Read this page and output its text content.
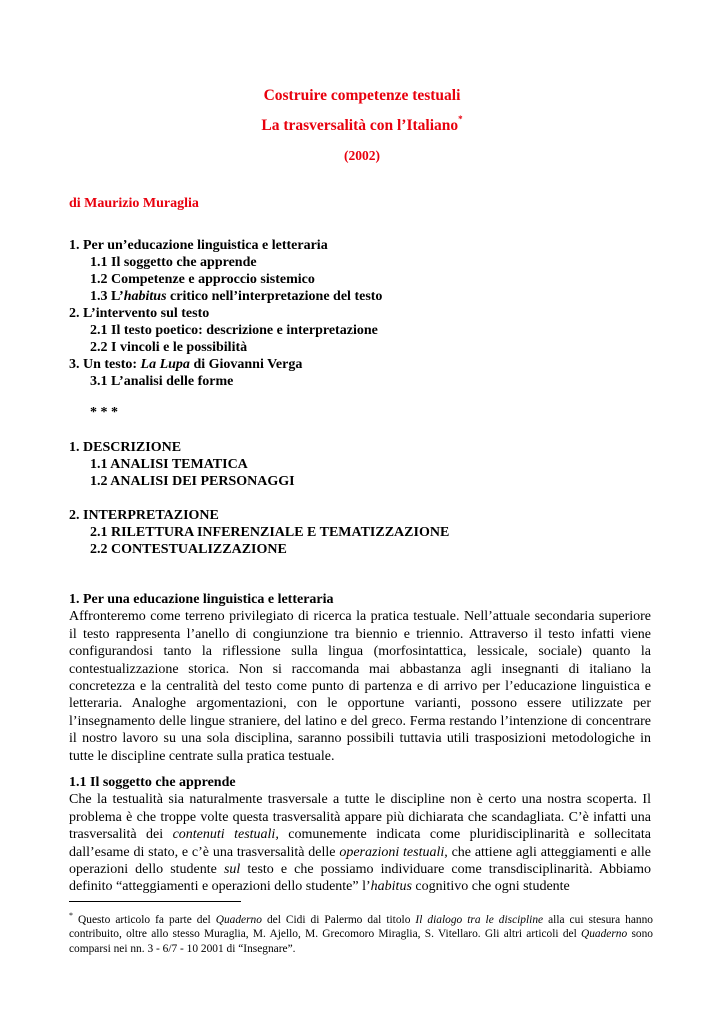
Costruire competenze testuali
La trasversalità con l’Italiano*
(2002)
di Maurizio Muraglia
1. Per un’educazione linguistica e letteraria
1.1 Il soggetto che apprende
1.2 Competenze e approccio sistemico
1.3 L’habitus critico nell’interpretazione del testo
2. L’intervento sul testo
2.1 Il testo poetico: descrizione e interpretazione
2.2 I vincoli e le possibilità
3. Un testo: La Lupa di Giovanni Verga
3.1 L’analisi delle forme
* * *
1. DESCRIZIONE
1.1 ANALISI TEMATICA
1.2 ANALISI DEI PERSONAGGI
2. INTERPRETAZIONE
2.1 RILETTURA INFERENZIALE E TEMATIZZAZIONE
2.2 CONTESTUALIZZAZIONE
1. Per una educazione linguistica e letteraria

Affronteremo come terreno privilegiato di ricerca la pratica testuale. Nell’attuale secondaria superiore il testo rappresenta l’anello di congiunzione tra biennio e triennio. Attraverso il testo infatti viene configurandosi tanto la riflessione sulla lingua (morfosintattica, lessicale, sociale) quanto la contestualizzazione storica. Non si raccomanda mai abbastanza agli insegnanti di italiano la concretezza e la centralità del testo come punto di partenza e di arrivo per l’educazione linguistica e letteraria. Analoghe argomentazioni, con le opportune varianti, possono essere utilizzate per l’insegnamento delle lingue straniere, del latino e del greco. Ferma restando l’intenzione di concentrare il nostro lavoro su una sola disciplina, saranno possibili tuttavia utili trasposizioni metodologiche in tutte le discipline centrate sulla pratica testuale.

1.1 Il soggetto che apprende

Che la testualità sia naturalmente trasversale a tutte le discipline non è certo una nostra scoperta. Il problema è che troppe volte questa trasversalità appare più dichiarata che scandagliata. C’è infatti una trasversalità dei contenuti testuali, comunemente indicata come pluridisciplinarità e sollecitata dall’esame di stato, e c’è una trasversalità delle operazioni testuali, che attiene agli atteggiamenti e alle operazioni dello studente sul testo e che possiamo individuare come transdisciplinarità. Abbiamo definito “atteggiamenti e operazioni dello studente” l’habitus cognitivo che ogni studente

* Questo articolo fa parte del Quaderno del Cidi di Palermo dal titolo Il dialogo tra le discipline alla cui stesura hanno contribuito, oltre allo stesso Muraglia, M. Ajello, M. Grecomoro Miraglia, S. Vitellaro. Gli altri articoli del Quaderno sono comparsi nei nn. 3 - 6/7 - 10 2001 di “Insegnare”.
